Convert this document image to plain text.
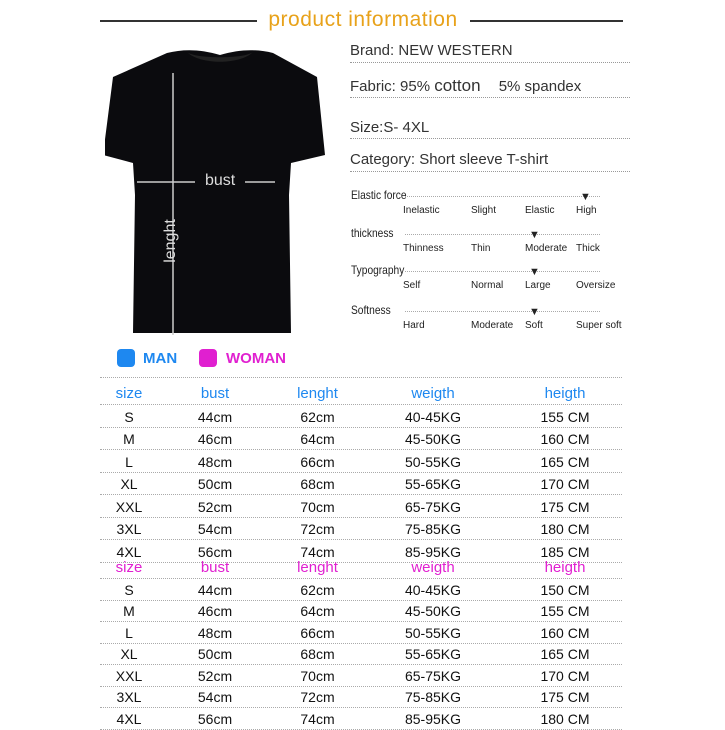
product information
bust
lenght
Brand: NEW WESTERN
Fabric: 95% cotton 5% spandex
Size:S- 4XL
Category: Short sleeve T-shirt
Elastic force
Inelastic	Slight	Elastic High
▼
thickness
Thinness	Thin	Moderate Thick
▼
Typography
Self	Normal Large	Oversize
▼
Softness
Hard	Moderate Soft	Super soft
▼
MAN	WOMAN
size	bust	lenght	weigth	heigth
S	44cm	62cm	40-45KG	155 CM
M	46cm	64cm	45-50KG	160 CM
L	48cm	66cm	50-55KG	165 CM
XL	50cm	68cm	55-65KG	170 CM
XXL	52cm	70cm	65-75KG	175 CM
3XL	54cm	72cm	75-85KG	180 CM
4XL	56cm	74cm	85-95KG	185 CM
size	bust	lenght	weigth	heigth
S	44cm	62cm	40-45KG	150 CM
M	46cm	64cm	45-50KG	155 CM
L	48cm	66cm	50-55KG	160 CM
XL	50cm	68cm	55-65KG	165 CM
XXL	52cm	70cm	65-75KG	170 CM
3XL	54cm	72cm	75-85KG	175 CM
4XL	56cm	74cm	85-95KG	180 CM
